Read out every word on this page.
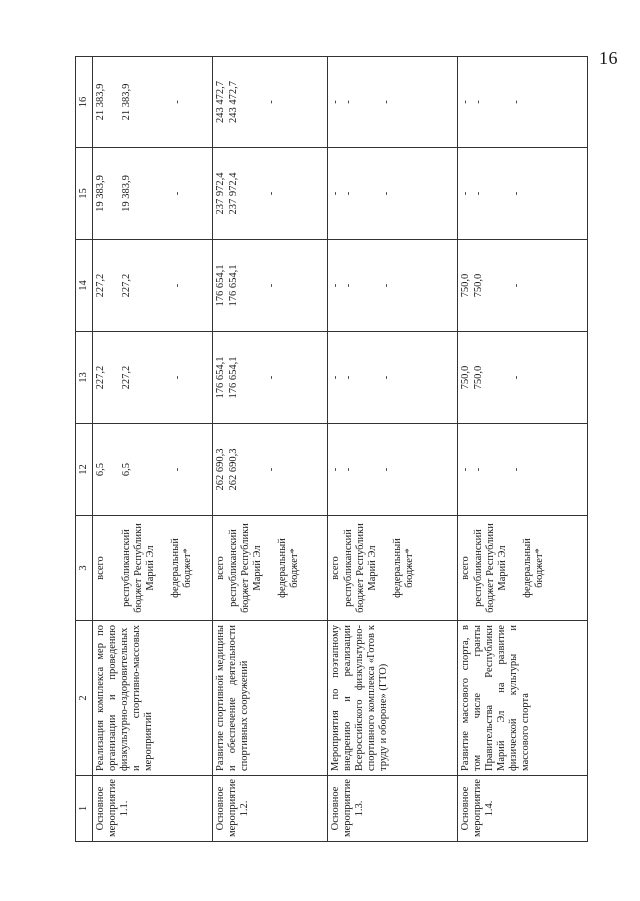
16
1	2	3	12	13	14	15	16
Основное мероприятие 1.1.	Реализация комплекса мер по организации и проведению физкультурно-оздоровительных и спортивно-массовых мероприятий	всего республиканский бюджет Республики Марий Эл федеральный бюджет*	6,5 6,5 -	227,2 227,2 -	227,2 227,2 -	19 383,9 19 383,9 -	21 383,9 21 383,9 -

Основное мероприятие 1.2.	Развитие спортивной медицины и обеспечение деятельности спортивных сооружений	всего республиканский бюджет Республики Марий Эл федеральный бюджет*	262 690,3 262 690,3 -	176 654,1 176 654,1 -	176 654,1 176 654,1 -	237 972,4 237 972,4 -	243 472,7 243 472,7 -

Основное мероприятие 1.3.	Мероприятия по поэтапному внедрению и реализации Всероссийского физкультурно-спортивного комплекса «Готов к труду и обороне» (ГТО)	всего республиканский бюджет Республики Марий Эл федеральный бюджет*	- - -	- - -	- - -	- - -	- - -

Основное мероприятие 1.4.	Развитие массового спорта, в том числе гранты Правительства Республики Марий Эл на развитие физической культуры и массового спорта	всего республиканский бюджет Республики Марий Эл федеральный бюджет*	- - -	750,0 750,0 -	750,0 750,0 -	- - -	- - -
